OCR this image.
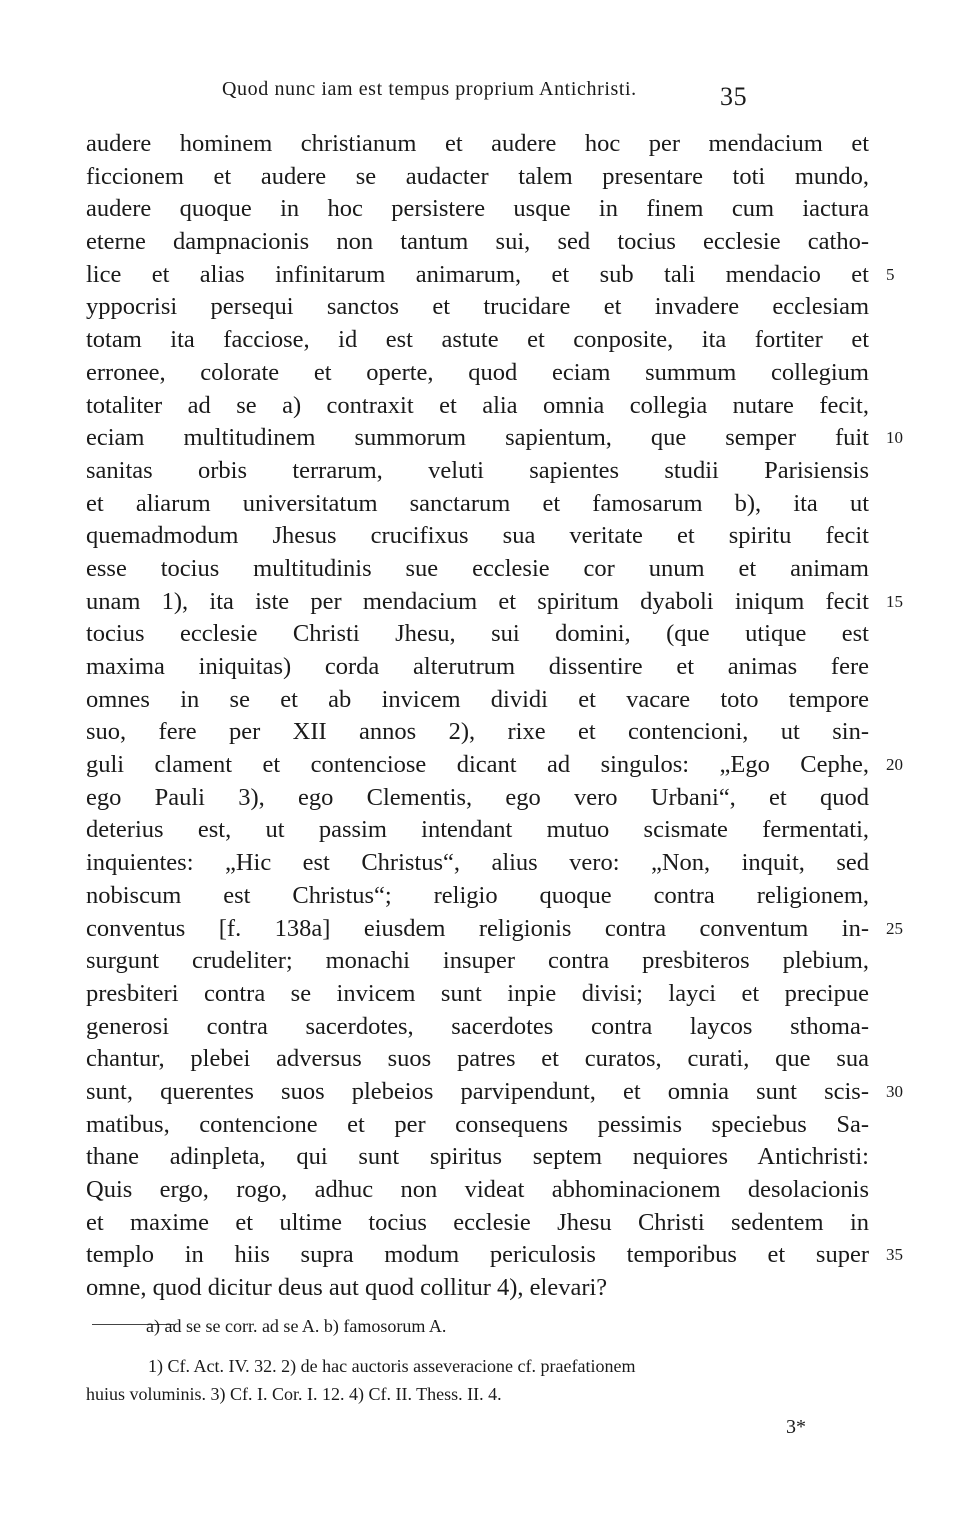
Quod nunc iam est tempus proprium Antichristi.	35
audere hominem christianum et audere hoc per mendacium et
ficcionem et audere se audacter talem presentare toti mundo,
audere quoque in hoc persistere usque in finem cum iactura
eterne dampnacionis non tantum sui, sed tocius ecclesie catho-
lice et alias infinitarum animarum, et sub tali mendacio et 5
yppocrisi persequi sanctos et trucidare et invadere ecclesiam
totam ita facciose, id est astute et conposite, ita fortiter et
erronee, colorate et operte, quod eciam summum collegium
totaliter ad se a) contraxit et alia omnia collegia nutare fecit,
eciam multitudinem summorum sapientum, que semper fuit 10
sanitas orbis terrarum, veluti sapientes studii Parisiensis
et aliarum universitatum sanctarum et famosarum b), ita ut
quemadmodum Jhesus crucifixus sua veritate et spiritu fecit
esse tocius multitudinis sue ecclesie cor unum et animam
unam 1), ita iste per mendacium et spiritum dyaboli iniqum fecit 15
tocius ecclesie Christi Jhesu, sui domini, (que utique est
maxima iniquitas) corda alterutrum dissentire et animas fere
omnes in se et ab invicem dividi et vacare toto tempore
suo, fere per XII annos 2), rixe et contencioni, ut sin-
guli clament et contenciose dicant ad singulos: „Ego Cephe, 20
ego Pauli 3), ego Clementis, ego vero Urbani“, et quod
deterius est, ut passim intendant mutuo scismate fermentati,
inquientes: „Hic est Christus“, alius vero: „Non, inquit, sed
nobiscum est Christus“; religio quoque contra religionem,
conventus [f. 138a] eiusdem religionis contra conventum in- 25
surgunt crudeliter; monachi insuper contra presbiteros plebium,
presbiteri contra se invicem sunt inpie divisi; layci et precipue
generosi contra sacerdotes, sacerdotes contra laycos sthoma-
chantur, plebei adversus suos patres et curatos, curati, que sua
sunt, querentes suos plebeios parvipendunt, et omnia sunt scis- 30
matibus, contencione et per consequens pessimis speciebus Sa-
thane adinpleta, qui sunt spiritus septem nequiores Antichristi:
Quis ergo, rogo, adhuc non videat abhominacionem desolacionis
et maxime et ultime tocius ecclesie Jhesu Christi sedentem in
templo in hiis supra modum periculosis temporibus et super 35
omne, quod dicitur deus aut quod collitur 4), elevari?
a) ad se se corr. ad se A. b) famosorum A.
1) Cf. Act. IV. 32. 2) de hac auctoris asseveracione cf. praefationem
huius voluminis. 3) Cf. I. Cor. I. 12. 4) Cf. II. Thess. II. 4.
3*
